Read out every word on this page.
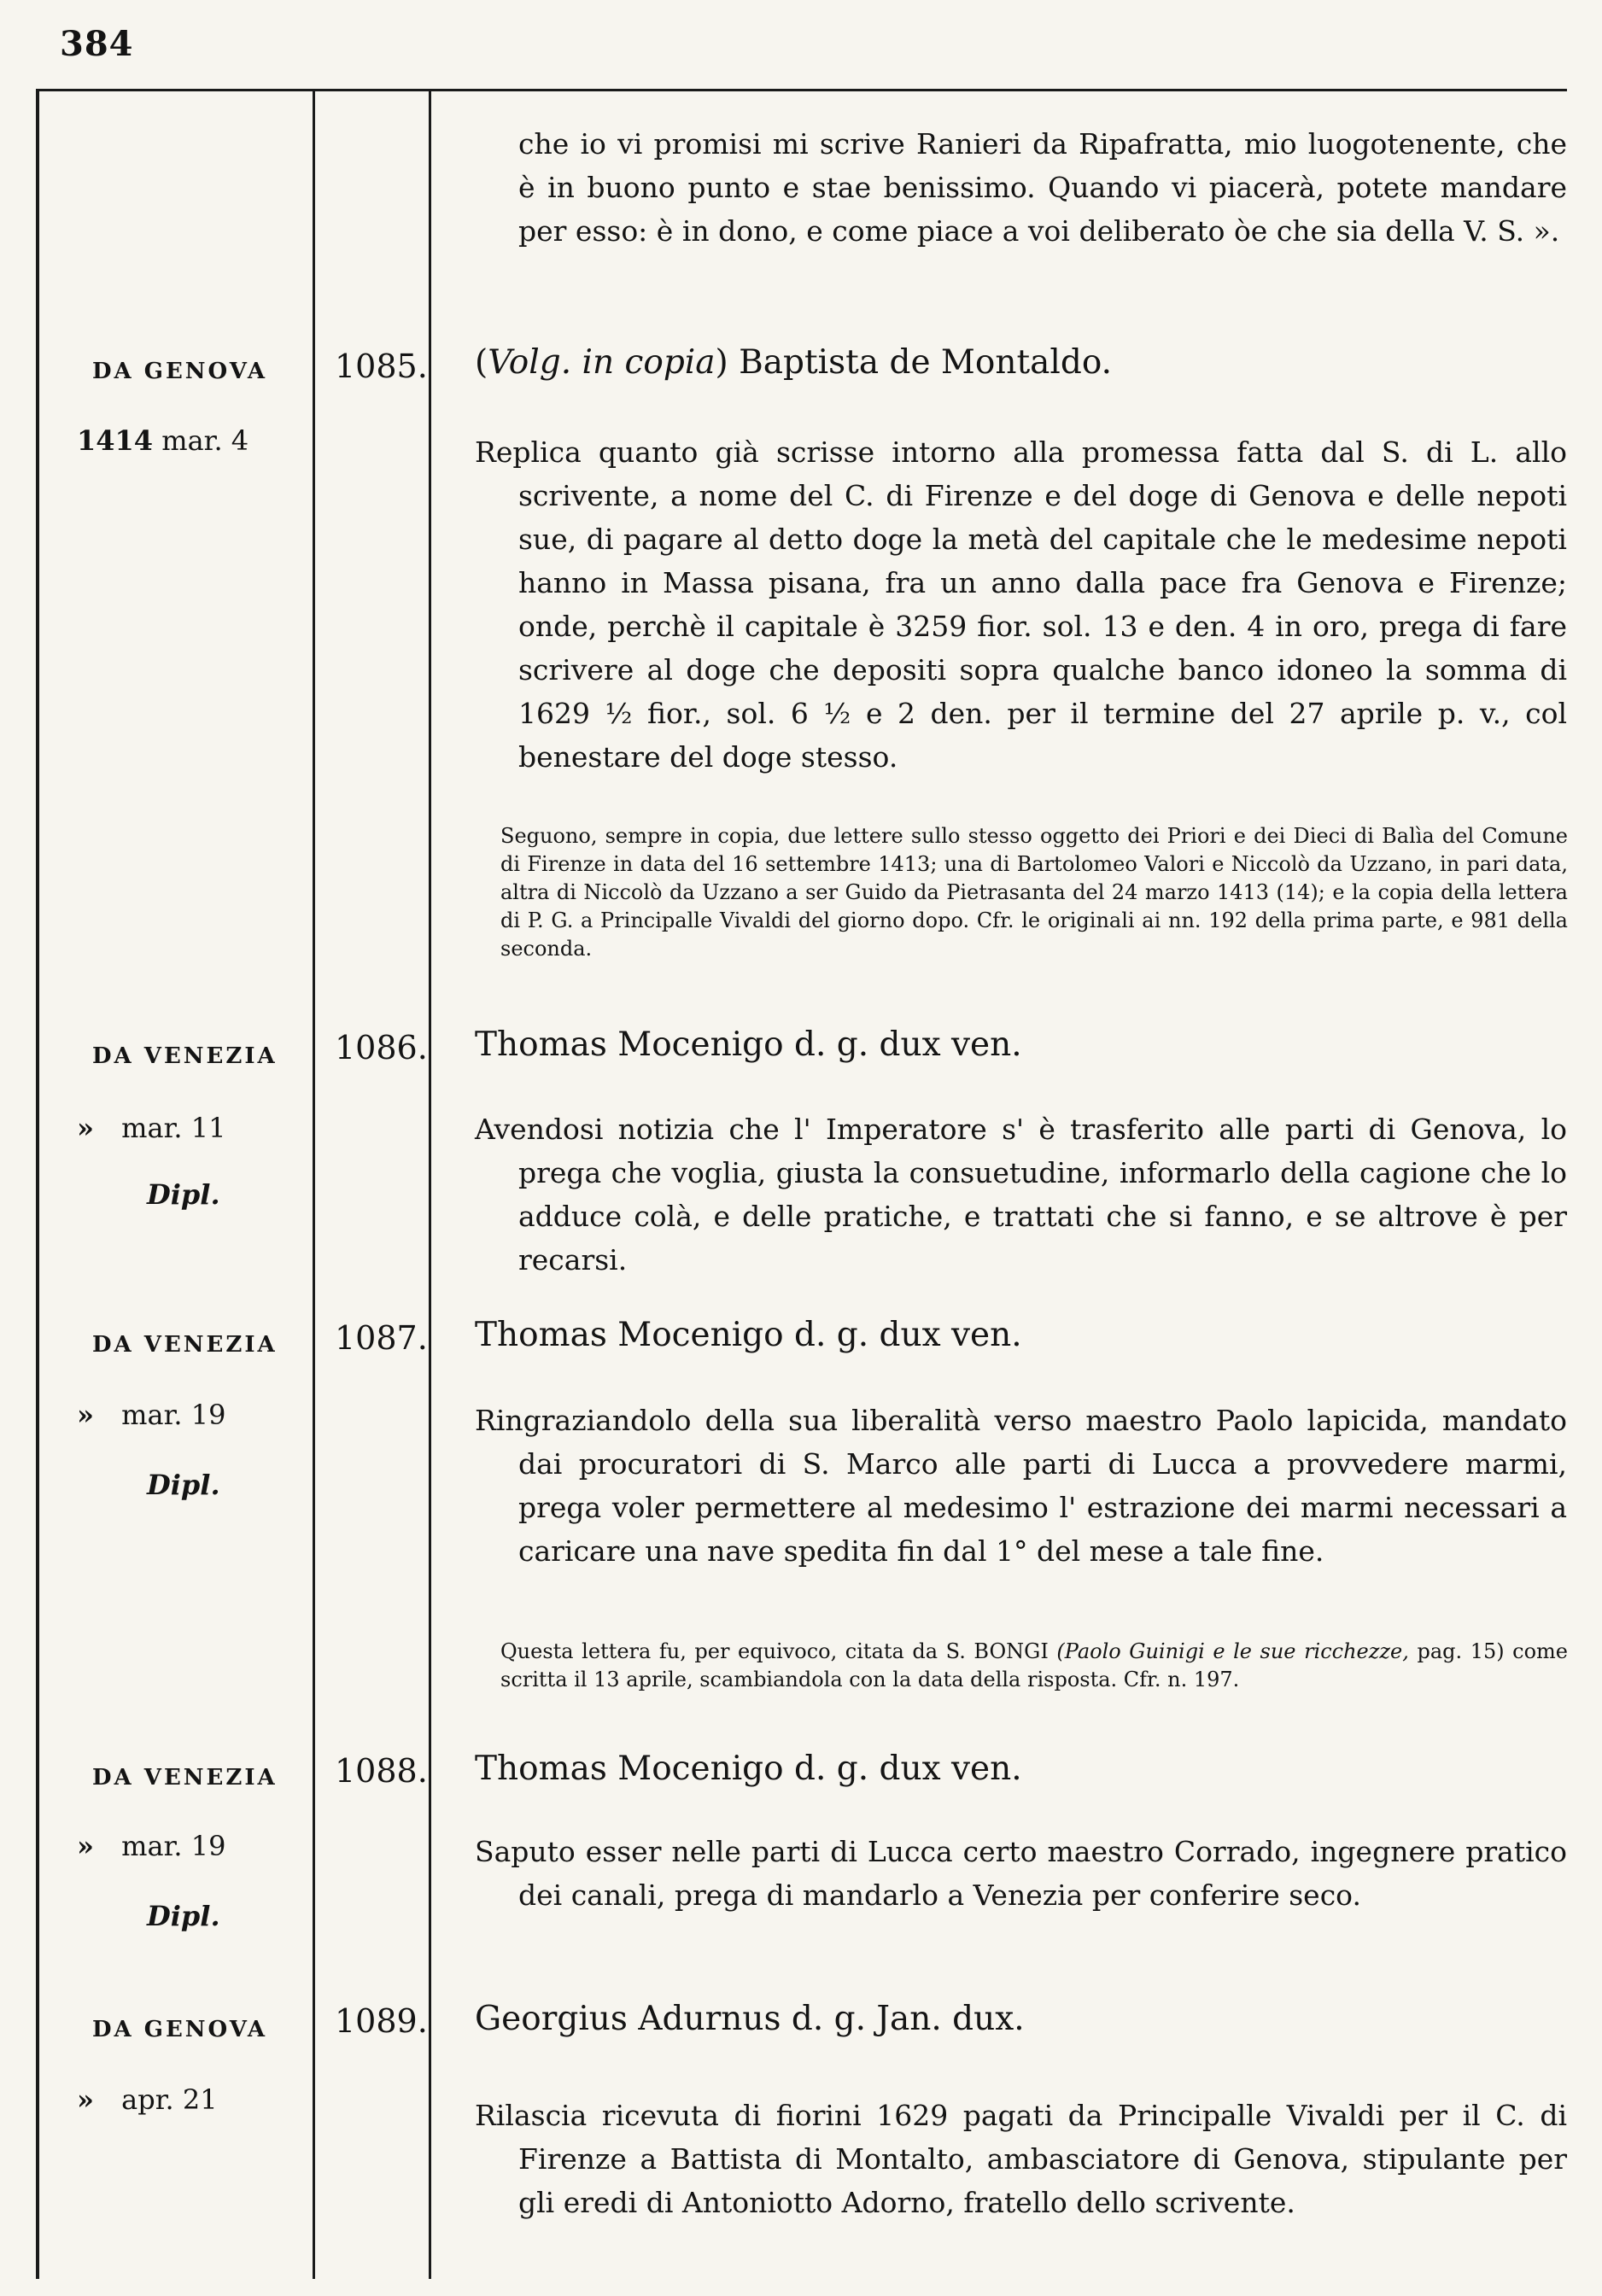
384
che io vi promisi mi scrive Ranieri da Ripafratta, mio luogotenente, che è in buono punto e stae benissimo. Quando vi piacerà, potete mandare per esso: è in dono, e come piace a voi deliberato òe che sia della V. S. ».
DA GENOVA
1414 mar. 4
1085. (Volg. in copia) Baptista de Montaldo.
Replica quanto già scrisse intorno alla promessa fatta dal S. di L. allo scrivente, a nome del C. di Firenze e del doge di Genova e delle nepoti sue, di pagare al detto doge la metà del capitale che le medesime nepoti hanno in Massa pisana, fra un anno dalla pace fra Genova e Firenze; onde, perchè il capitale è 3259 fior. sol. 13 e den. 4 in oro, prega di fare scrivere al doge che depositi sopra qualche banco idoneo la somma di 1629 ½ fior., sol. 6 ½ e 2 den. per il termine del 27 aprile p. v., col benestare del doge stesso.
Seguono, sempre in copia, due lettere sullo stesso oggetto dei Priori e dei Dieci di Balìa del Comune di Firenze in data del 16 settembre 1413; una di Bartolomeo Valori e Niccolò da Uzzano, in pari data, altra di Niccolò da Uzzano a ser Guido da Pietrasanta del 24 marzo 1413 (14); e la copia della lettera di P. G. a Principalle Vivaldi del giorno dopo. Cfr. le originali ai nn. 192 della prima parte, e 981 della seconda.
DA VENEZIA
» mar. 11
Dipl.
1086. Thomas Mocenigo d. g. dux ven.
Avendosi notizia che l' Imperatore s' è trasferito alle parti di Genova, lo prega che voglia, giusta la consuetudine, informarlo della cagione che lo adduce colà, e delle pratiche, e trattati che si fanno, e se altrove è per recarsi.
DA VENEZIA
» mar. 19
Dipl.
1087. Thomas Mocenigo d. g. dux ven.
Ringraziandolo della sua liberalità verso maestro Paolo lapicida, mandato dai procuratori di S. Marco alle parti di Lucca a provvedere marmi, prega voler permettere al medesimo l' estrazione dei marmi necessari a caricare una nave spedita fin dal 1° del mese a tale fine.
Questa lettera fu, per equivoco, citata da S. BONGI (Paolo Guinigi e le sue ricchezze, pag. 15) come scritta il 13 aprile, scambiandola con la data della risposta. Cfr. n. 197.
DA VENEZIA
» mar. 19
Dipl.
1088. Thomas Mocenigo d. g. dux ven.
Saputo esser nelle parti di Lucca certo maestro Corrado, ingegnere pratico dei canali, prega di mandarlo a Venezia per conferire seco.
DA GENOVA
» apr. 21
1089. Georgius Adurnus d. g. Jan. dux.
Rilascia ricevuta di fiorini 1629 pagati da Principalle Vivaldi per il C. di Firenze a Battista di Montalto, ambasciatore di Genova, stipulante per gli eredi di Antoniotto Adorno, fratello dello scrivente.
